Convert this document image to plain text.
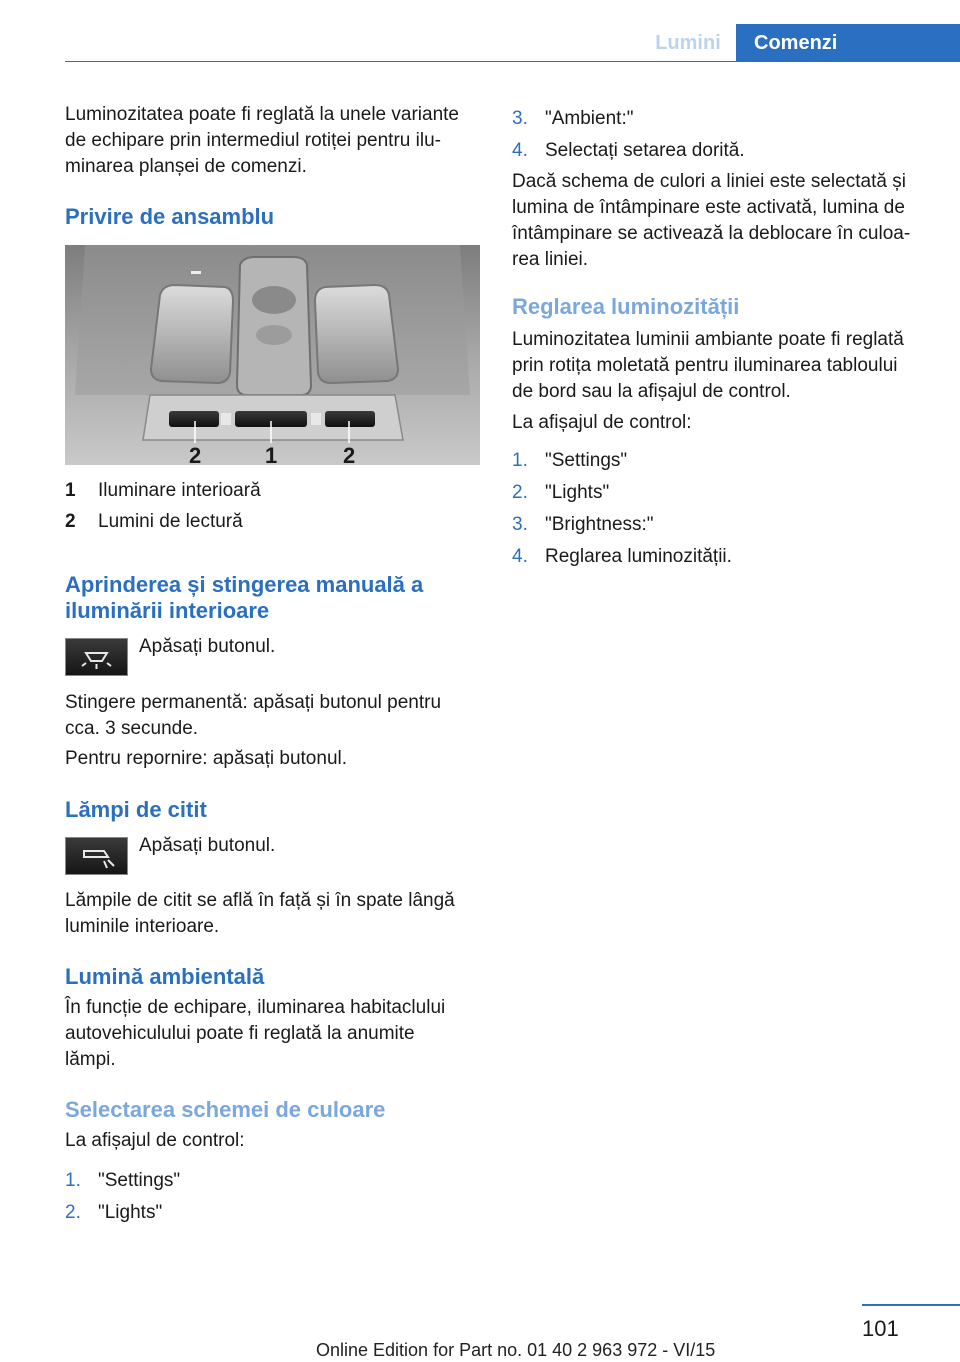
Lumini	Comenzi

Luminozitatea poate fi reglată la unele variante

de echipare prin intermediul rotiței pentru ilu‐

minarea planșei de comenzi.

Privire de ansamblu
2	1	2
1 Iluminare interioară
2 Lumini de lectură
Aprinderea și stingerea manuală a
iluminării interioare

Apăsați butonul.

Stingere permanentă: apăsați butonul pentru

cca. 3 secunde.

Pentru repornire: apăsați butonul.

Lămpi de citit

Apăsați butonul.

Lămpile de citit se află în față și în spate lângă

luminile interioare.

Lumină ambientală

În funcție de echipare, iluminarea habitaclului

autovehiculului poate fi reglată la anumite

lămpi.

Selectarea schemei de culoare

La afișajul de control:

1. "Settings"
2. "Lights"
3. "Ambient:"
4. Selectați setarea dorită.

Dacă schema de culori a liniei este selectată și

lumina de întâmpinare este activată, lumina de

întâmpinare se activează la deblocare în culoa‐

rea liniei.

Reglarea luminozității

Luminozitatea luminii ambiante poate fi reglată

prin rotița moletată pentru iluminarea tabloului

de bord sau la afișajul de control.

La afișajul de control:

1. "Settings"
2. "Lights"
3. "Brightness:"
4. Reglarea luminozității.
101
Online Edition for Part no. 01 40 2 963 972 - VI/15
